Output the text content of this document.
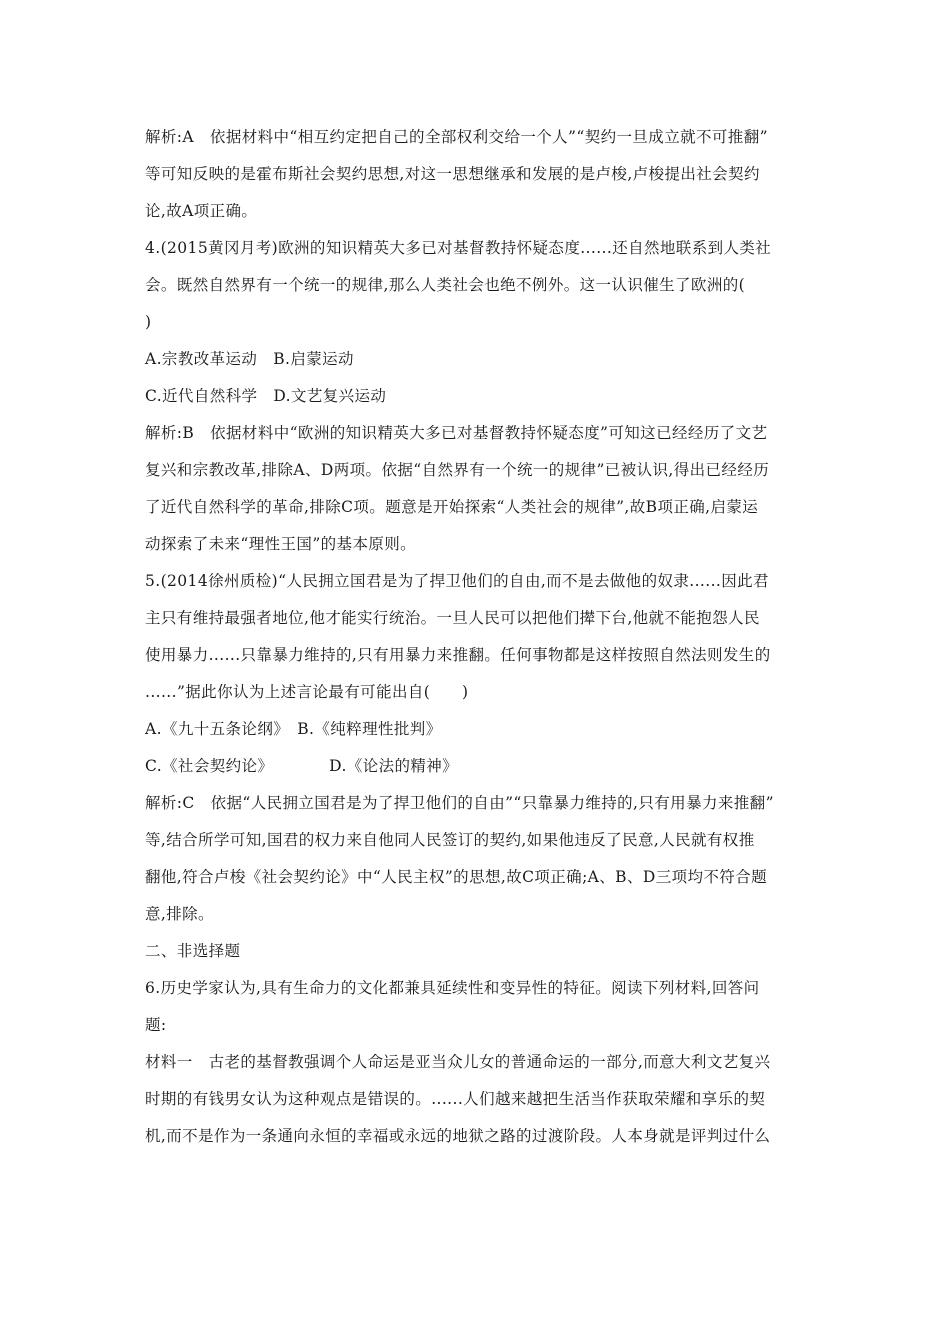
解析:A　依据材料中“相互约定把自己的全部权利交给一个人”“契约一旦成立就不可推翻”
等可知反映的是霍布斯社会契约思想,对这一思想继承和发展的是卢梭,卢梭提出社会契约
论,故A项正确。
4.(2015黄冈月考)欧洲的知识精英大多已对基督教持怀疑态度......还自然地联系到人类社
会。既然自然界有一个统一的规律,那么人类社会也绝不例外。这一认识催生了欧洲的(
)
A.宗教改革运动　B.启蒙运动
C.近代自然科学　D.文艺复兴运动
解析:B　依据材料中“欧洲的知识精英大多已对基督教持怀疑态度”可知这已经经历了文艺
复兴和宗教改革,排除A、D两项。依据“自然界有一个统一的规律”已被认识,得出已经经历
了近代自然科学的革命,排除C项。题意是开始探索“人类社会的规律”,故B项正确,启蒙运
动探索了未来“理性王国”的基本原则。
5.(2014徐州质检)“人民拥立国君是为了捍卫他们的自由,而不是去做他的奴隶......因此君
主只有维持最强者地位,他才能实行统治。一旦人民可以把他们撵下台,他就不能抱怨人民
使用暴力......只靠暴力维持的,只有用暴力来推翻。任何事物都是这样按照自然法则发生的
......”据此你认为上述言论最有可能出自(　　)
A.《九十五条论纲》　B.《纯粹理性批判》
C.《社会契约论》　　　　D.《论法的精神》
解析:C　依据“人民拥立国君是为了捍卫他们的自由”“只靠暴力维持的,只有用暴力来推翻”
等,结合所学可知,国君的权力来自他同人民签订的契约,如果他违反了民意,人民就有权推
翻他,符合卢梭《社会契约论》中“人民主权”的思想,故C项正确;A、B、D三项均不符合题
意,排除。
二、非选择题
6.历史学家认为,具有生命力的文化都兼具延续性和变异性的特征。阅读下列材料,回答问
题:
材料一　古老的基督教强调个人命运是亚当众儿女的普通命运的一部分,而意大利文艺复兴
时期的有钱男女认为这种观点是错误的。......人们越来越把生活当作获取荣耀和享乐的契
机,而不是作为一条通向永恒的幸福或永远的地狱之路的过渡阶段。人本身就是评判过什么
